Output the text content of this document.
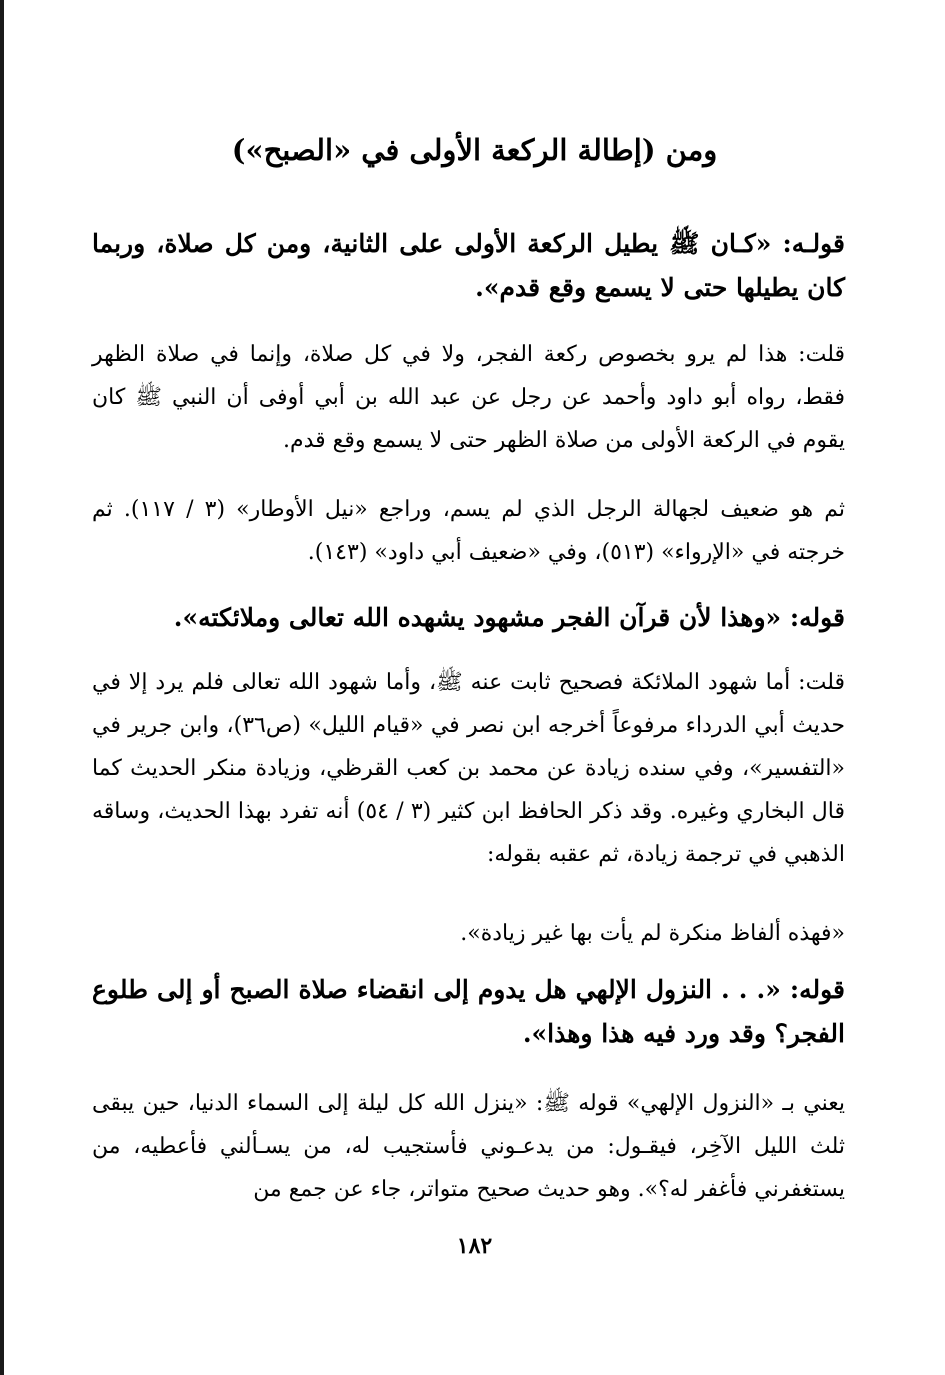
ومن (إطالة الركعة الأولى في «الصبح»)

قولـه: «كـان ﷺ يطيل الركعة الأولى على الثانية، ومن كل صلاة، وربما كان يطيلها حتى لا يسمع وقع قدم».

قلت: هذا لم يرو بخصوص ركعة الفجر، ولا في كل صلاة، وإنما في صلاة الظهر فقط، رواه أبو داود وأحمد عن رجل عن عبد الله بن أبي أوفى أن النبي ﷺ كان يقوم في الركعة الأولى من صلاة الظهر حتى لا يسمع وقع قدم.

ثم هو ضعيف لجهالة الرجل الذي لم يسم، وراجع «نيل الأوطار» (٣ / ١١٧). ثم خرجته في «الإرواء» (٥١٣)، وفي «ضعيف أبي داود» (١٤٣).

قوله: «وهذا لأن قرآن الفجر مشهود يشهده الله تعالى وملائكته».

قلت: أما شهود الملائكة فصحيح ثابت عنه ﷺ، وأما شهود الله تعالى فلم يرد إلا في حديث أبي الدرداء مرفوعاً أخرجه ابن نصر في «قيام الليل» (ص٣٦)، وابن جرير في «التفسير»، وفي سنده زيادة عن محمد بن كعب القرظي، وزيادة منكر الحديث كما قال البخاري وغيره. وقد ذكر الحافظ ابن كثير (٣ / ٥٤) أنه تفرد بهذا الحديث، وساقه الذهبي في ترجمة زيادة، ثم عقبه بقوله:

«فهذه ألفاظ منكرة لم يأت بها غير زيادة».

قوله: «. . . النزول الإلهي هل يدوم إلى انقضاء صلاة الصبح أو إلى طلوع الفجر؟ وقد ورد فيه هذا وهذا».

يعني بـ «النزول الإلهي» قوله ﷺ: «ينزل الله كل ليلة إلى السماء الدنيا، حين يبقى ثلث الليل الآخِر، فيقـول: من يدعـوني فأستجيب له، من يسـألني فأعطيه، من يستغفرني فأغفر له؟». وهو حديث صحيح متواتر، جاء عن جمع من

١٨٢
